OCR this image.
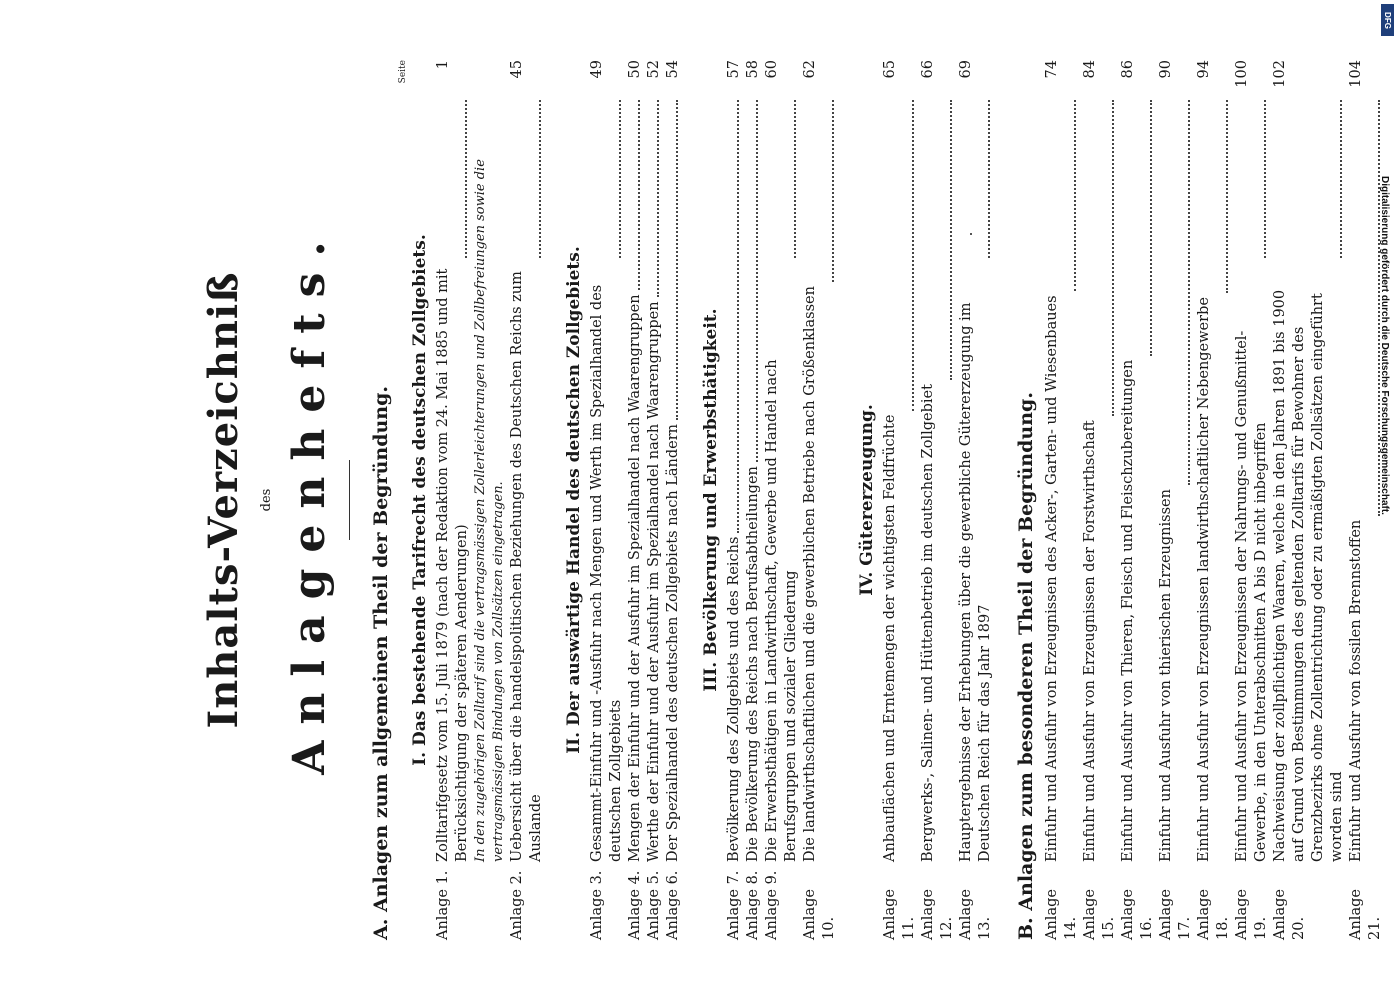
Inhalts-Verzeichniß des Anlagenhefts. A. Anlagen zum allgemeinen Theil der Begründung.
Seite
I. Das bestehende Tarifrecht des deutschen Zollgebiets.
Anlage 1.
Zolltarifgesetz vom 15. Juli 1879 (nach der Redaktion vom 24. Mai 1885 und mit Berücksichtigung der späteren Aenderungen)
1
In den zugehörigen Zolltarif sind die vertragsmässigen Zollerleichterungen und Zollbefreiungen sowie die vertragsmässigen Bindungen von Zollsätzen eingetragen.
Anlage 2.
Uebersicht über die handelspolitischen Beziehungen des Deutschen Reichs zum Auslande
45
II. Der auswärtige Handel des deutschen Zollgebiets.
Anlage 3.
Gesammt-Einfuhr und -Ausfuhr nach Mengen und Werth im Spezialhandel des deutschen Zollgebiets
49
Anlage 4.
Mengen der Einfuhr und der Ausfuhr im Spezialhandel nach Waarengruppen
50
Anlage 5.
Werthe der Einfuhr und der Ausfuhr im Spezialhandel nach Waarengruppen
52
Anlage 6.
Der Spezialhandel des deutschen Zollgebiets nach Ländern
54
III. Bevölkerung und Erwerbsthätigkeit.
Anlage 7.
Bevölkerung des Zollgebiets und des Reichs
57
Anlage 8.
Die Bevölkerung des Reichs nach Berufsabtheilungen
58
Anlage 9.
Die Erwerbsthätigen in Landwirthschaft, Gewerbe und Handel nach Berufsgruppen und sozialer Gliederung
60
Anlage 10.
Die landwirthschaftlichen und die gewerblichen Betriebe nach Größenklassen
62
IV. Gütererzeugung.
Anlage 11.
Anbauflächen und Erntemengen der wichtigsten Feldfrüchte
65
Anlage 12.
Bergwerks-, Salinen- und Hüttenbetrieb im deutschen Zollgebiet
66
Anlage 13.
Hauptergebnisse der Erhebungen über die gewerbliche Gütererzeugung im Deutschen Reich für das Jahr 1897
69
B. Anlagen zum besonderen Theil der Begründung. Anlage 14.
Einfuhr und Ausfuhr von Erzeugnissen des Acker-, Garten- und Wiesenbaues
74
Anlage 15.
Einfuhr und Ausfuhr von Erzeugnissen der Forstwirthschaft
84
Anlage 16.
Einfuhr und Ausfuhr von Thieren, Fleisch und Fleischzubereitungen
86
Anlage 17.
Einfuhr und Ausfuhr von thierischen Erzeugnissen
90
Anlage 18.
Einfuhr und Ausfuhr von Erzeugnissen landwirthschaftlicher Nebengewerbe
94
Anlage 19.
Einfuhr und Ausfuhr von Erzeugnissen der Nahrungs- und Genußmittel-Gewerbe, in den Unterabschnitten A bis D nicht inbegriffen
100
Anlage 20.
Nachweisung der zollpflichtigen Waaren, welche in den Jahren 1891 bis 1900 auf Grund von Bestimmungen des geltenden Zolltarifs für Bewohner des Grenzbezirks ohne Zollentrichtung oder zu ermäßigten Zollsätzen eingeführt worden sind
102
Anlage 21.
Einfuhr und Ausfuhr von fossilen Brennstoffen
104
DFG
Digitalisierung gefördert durch die Deutsche Forschungsgemeinschaft.
